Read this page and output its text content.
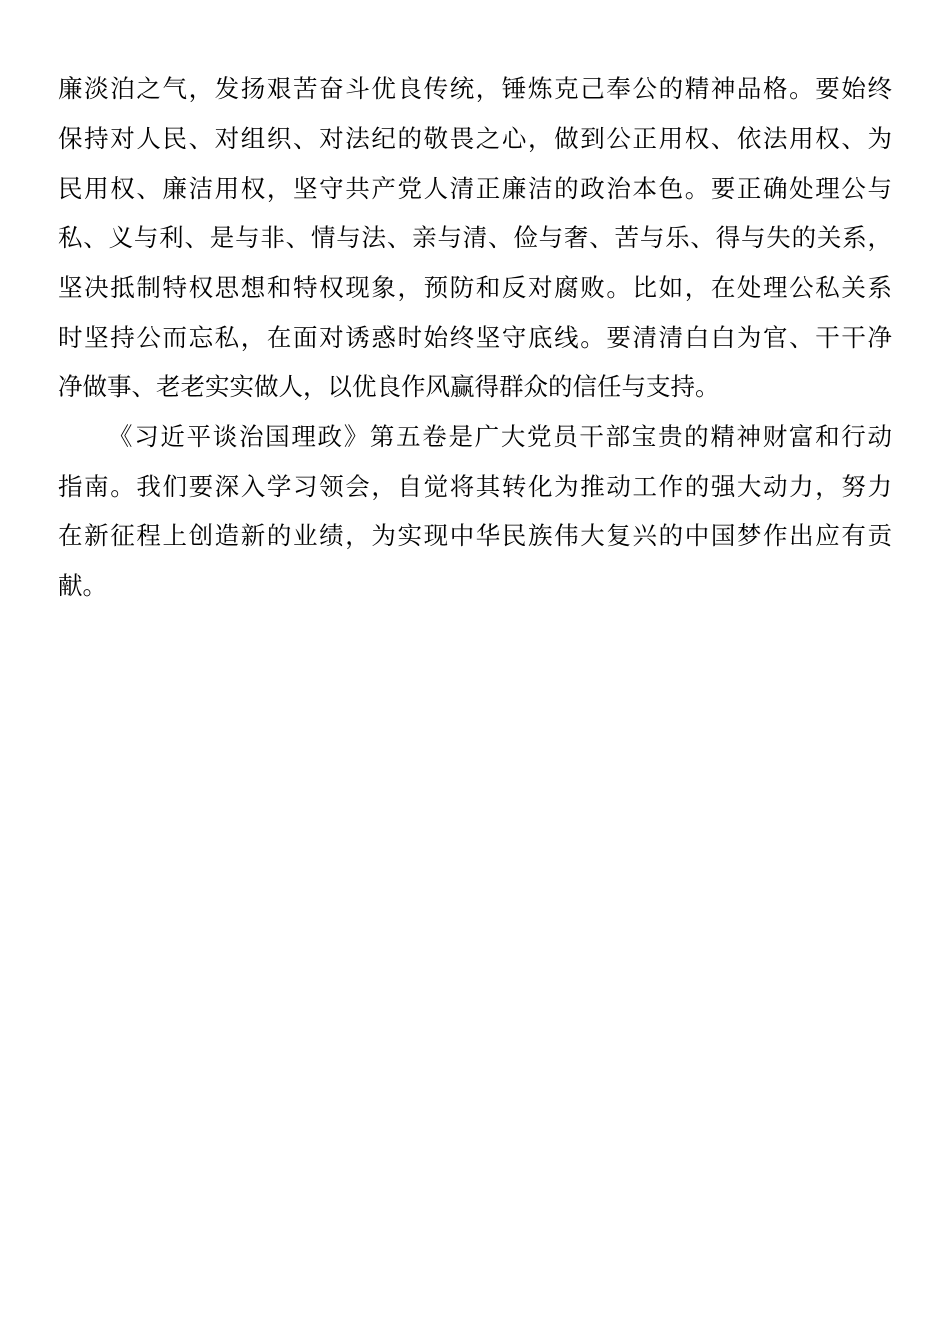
廉淡泊之气，发扬艰苦奋斗优良传统，锤炼克己奉公的精神品格。要始终
保持对人民、对组织、对法纪的敬畏之心，做到公正用权、依法用权、为
民用权、廉洁用权，坚守共产党人清正廉洁的政治本色。要正确处理公与
私、义与利、是与非、情与法、亲与清、俭与奢、苦与乐、得与失的关系，
坚决抵制特权思想和特权现象，预防和反对腐败。比如，在处理公私关系
时坚持公而忘私，在面对诱惑时始终坚守底线。要清清白白为官、干干净
净做事、老老实实做人，以优良作风赢得群众的信任与支持。
《习近平谈治国理政》第五卷是广大党员干部宝贵的精神财富和行动
指南。我们要深入学习领会，自觉将其转化为推动工作的强大动力，努力
在新征程上创造新的业绩，为实现中华民族伟大复兴的中国梦作出应有贡
献。
